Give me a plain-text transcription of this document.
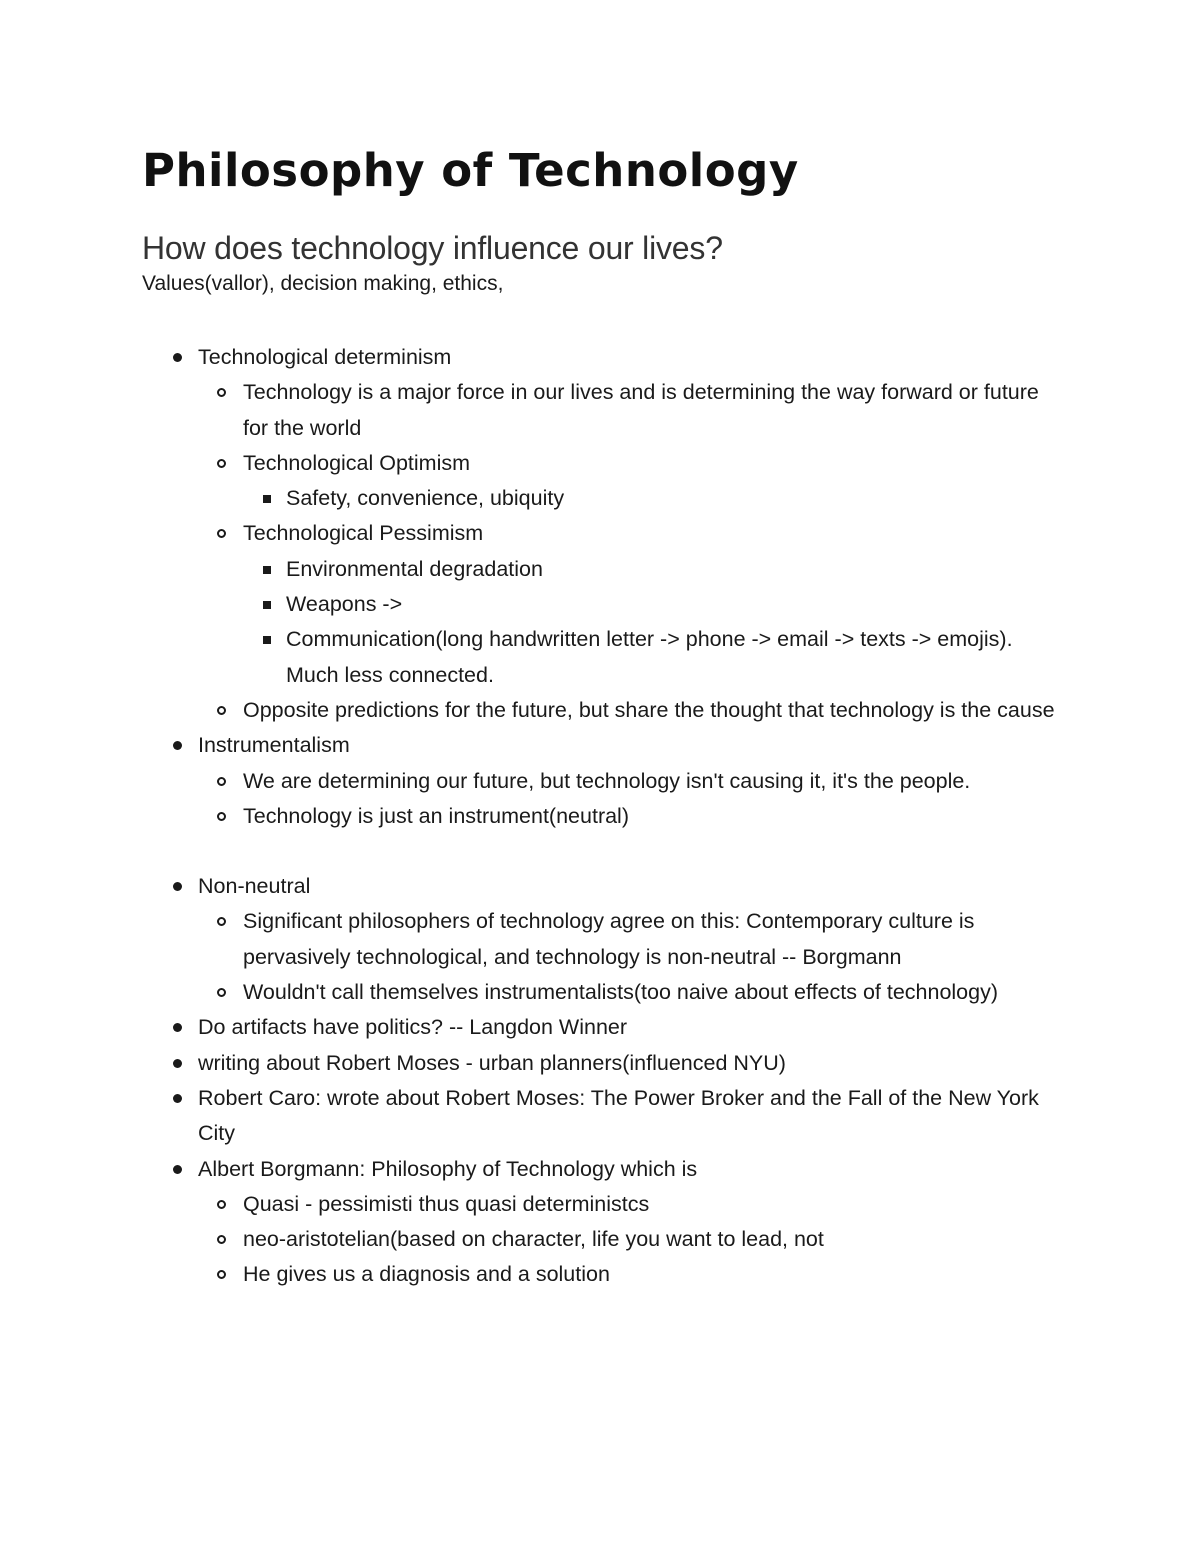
Philosophy of Technology
How does technology influence our lives?

Values(vallor), decision making, ethics,

Technological determinism
Technology is a major force in our lives and is determining the way forward or future for the world
Technological Optimism
Safety, convenience, ubiquity
Technological Pessimism
Environmental degradation
Weapons ->
Communication(long handwritten letter -> phone -> email -> texts -> emojis). Much less connected.
Opposite predictions for the future, but share the thought that technology is the cause
Instrumentalism
We are determining our future, but technology isn't causing it, it's the people.
Technology is just an instrument(neutral)
Non-neutral
Significant philosophers of technology agree on this: Contemporary culture is pervasively technological, and technology is non-neutral -- Borgmann
Wouldn't call themselves instrumentalists(too naive about effects of technology)
Do artifacts have politics? -- Langdon Winner
writing about Robert Moses - urban planners(influenced NYU)
Robert Caro: wrote about Robert Moses: The Power Broker and the Fall of the New York City
Albert Borgmann: Philosophy of Technology which is
Quasi - pessimisti thus quasi deterministcs
neo-aristotelian(based on character, life you want to lead, not
He gives us a diagnosis and a solution
